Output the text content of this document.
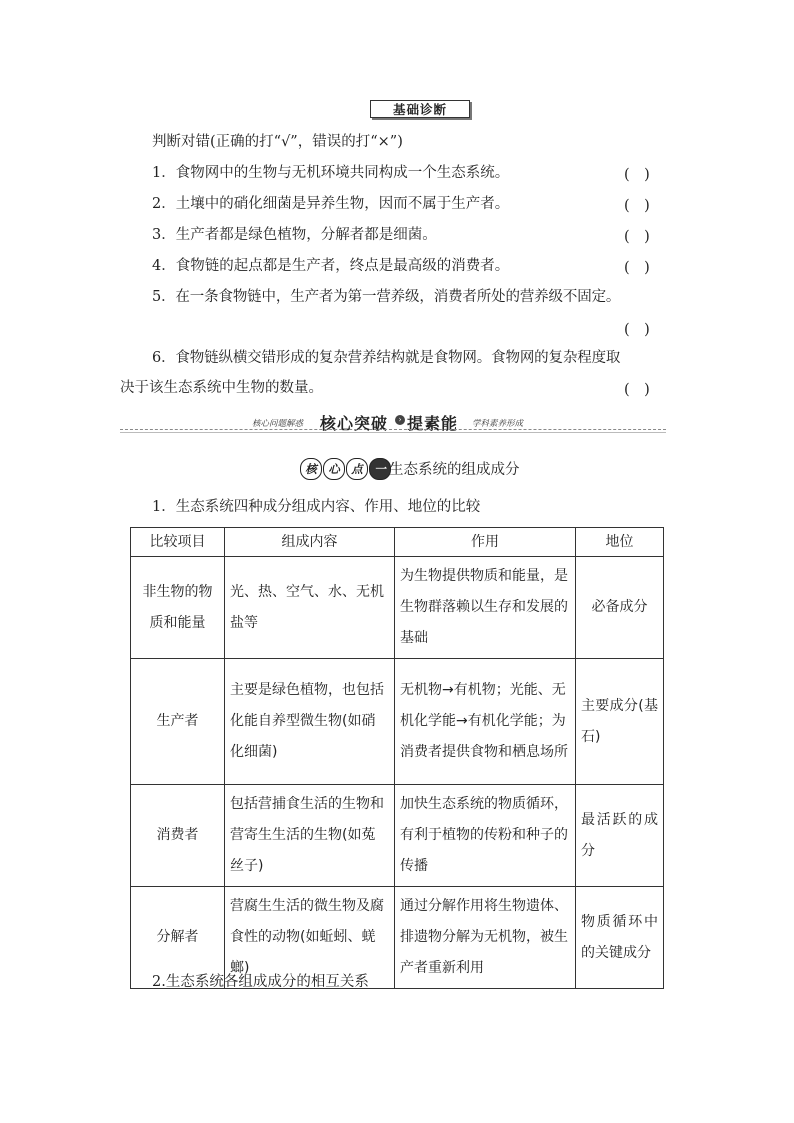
基础诊断
判断对错(正确的打“√”，错误的打“×”)
1．食物网中的生物与无机环境共同构成一个生态系统。	(　)
2．土壤中的硝化细菌是异养生物，因而不属于生产者。	(　)
3．生产者都是绿色植物，分解者都是细菌。	(　)
4．食物链的起点都是生产者，终点是最高级的消费者。	(　)
5．在一条食物链中，生产者为第一营养级，消费者所处的营养级不固定。
(　)
6．食物链纵横交错形成的复杂营养结构就是食物网。食物网的复杂程度取
决于该生态系统中生物的数量。	(　)
核心问题解惑 核心突破	› 提素能 学科素养形成
核	心	点	一 生态系统的组成成分
1．生态系统四种成分组成内容、作用、地位的比较
比较项目	组成内容	作用	地位
非生物的物质和能量	光、热、空气、水、无机盐等	为生物提供物质和能量，是生物群落赖以生存和发展的基础	必备成分
生产者	主要是绿色植物，也包括化能自养型微生物(如硝化细菌)	无机物→有机物；光能、无机化学能→有机化学能；为消费者提供食物和栖息场所	主要成分(基石)
消费者	包括营捕食生活的生物和营寄生生活的生物(如菟丝子)	加快生态系统的物质循环，有利于植物的传粉和种子的传播	最活跃的成分
分解者	营腐生生活的微生物及腐食性的动物(如蚯蚓、蜣螂)	通过分解作用将生物遗体、排遗物分解为无机物，被生产者重新利用	物质循环中的关键成分
2.生态系统各组成成分的相互关系
